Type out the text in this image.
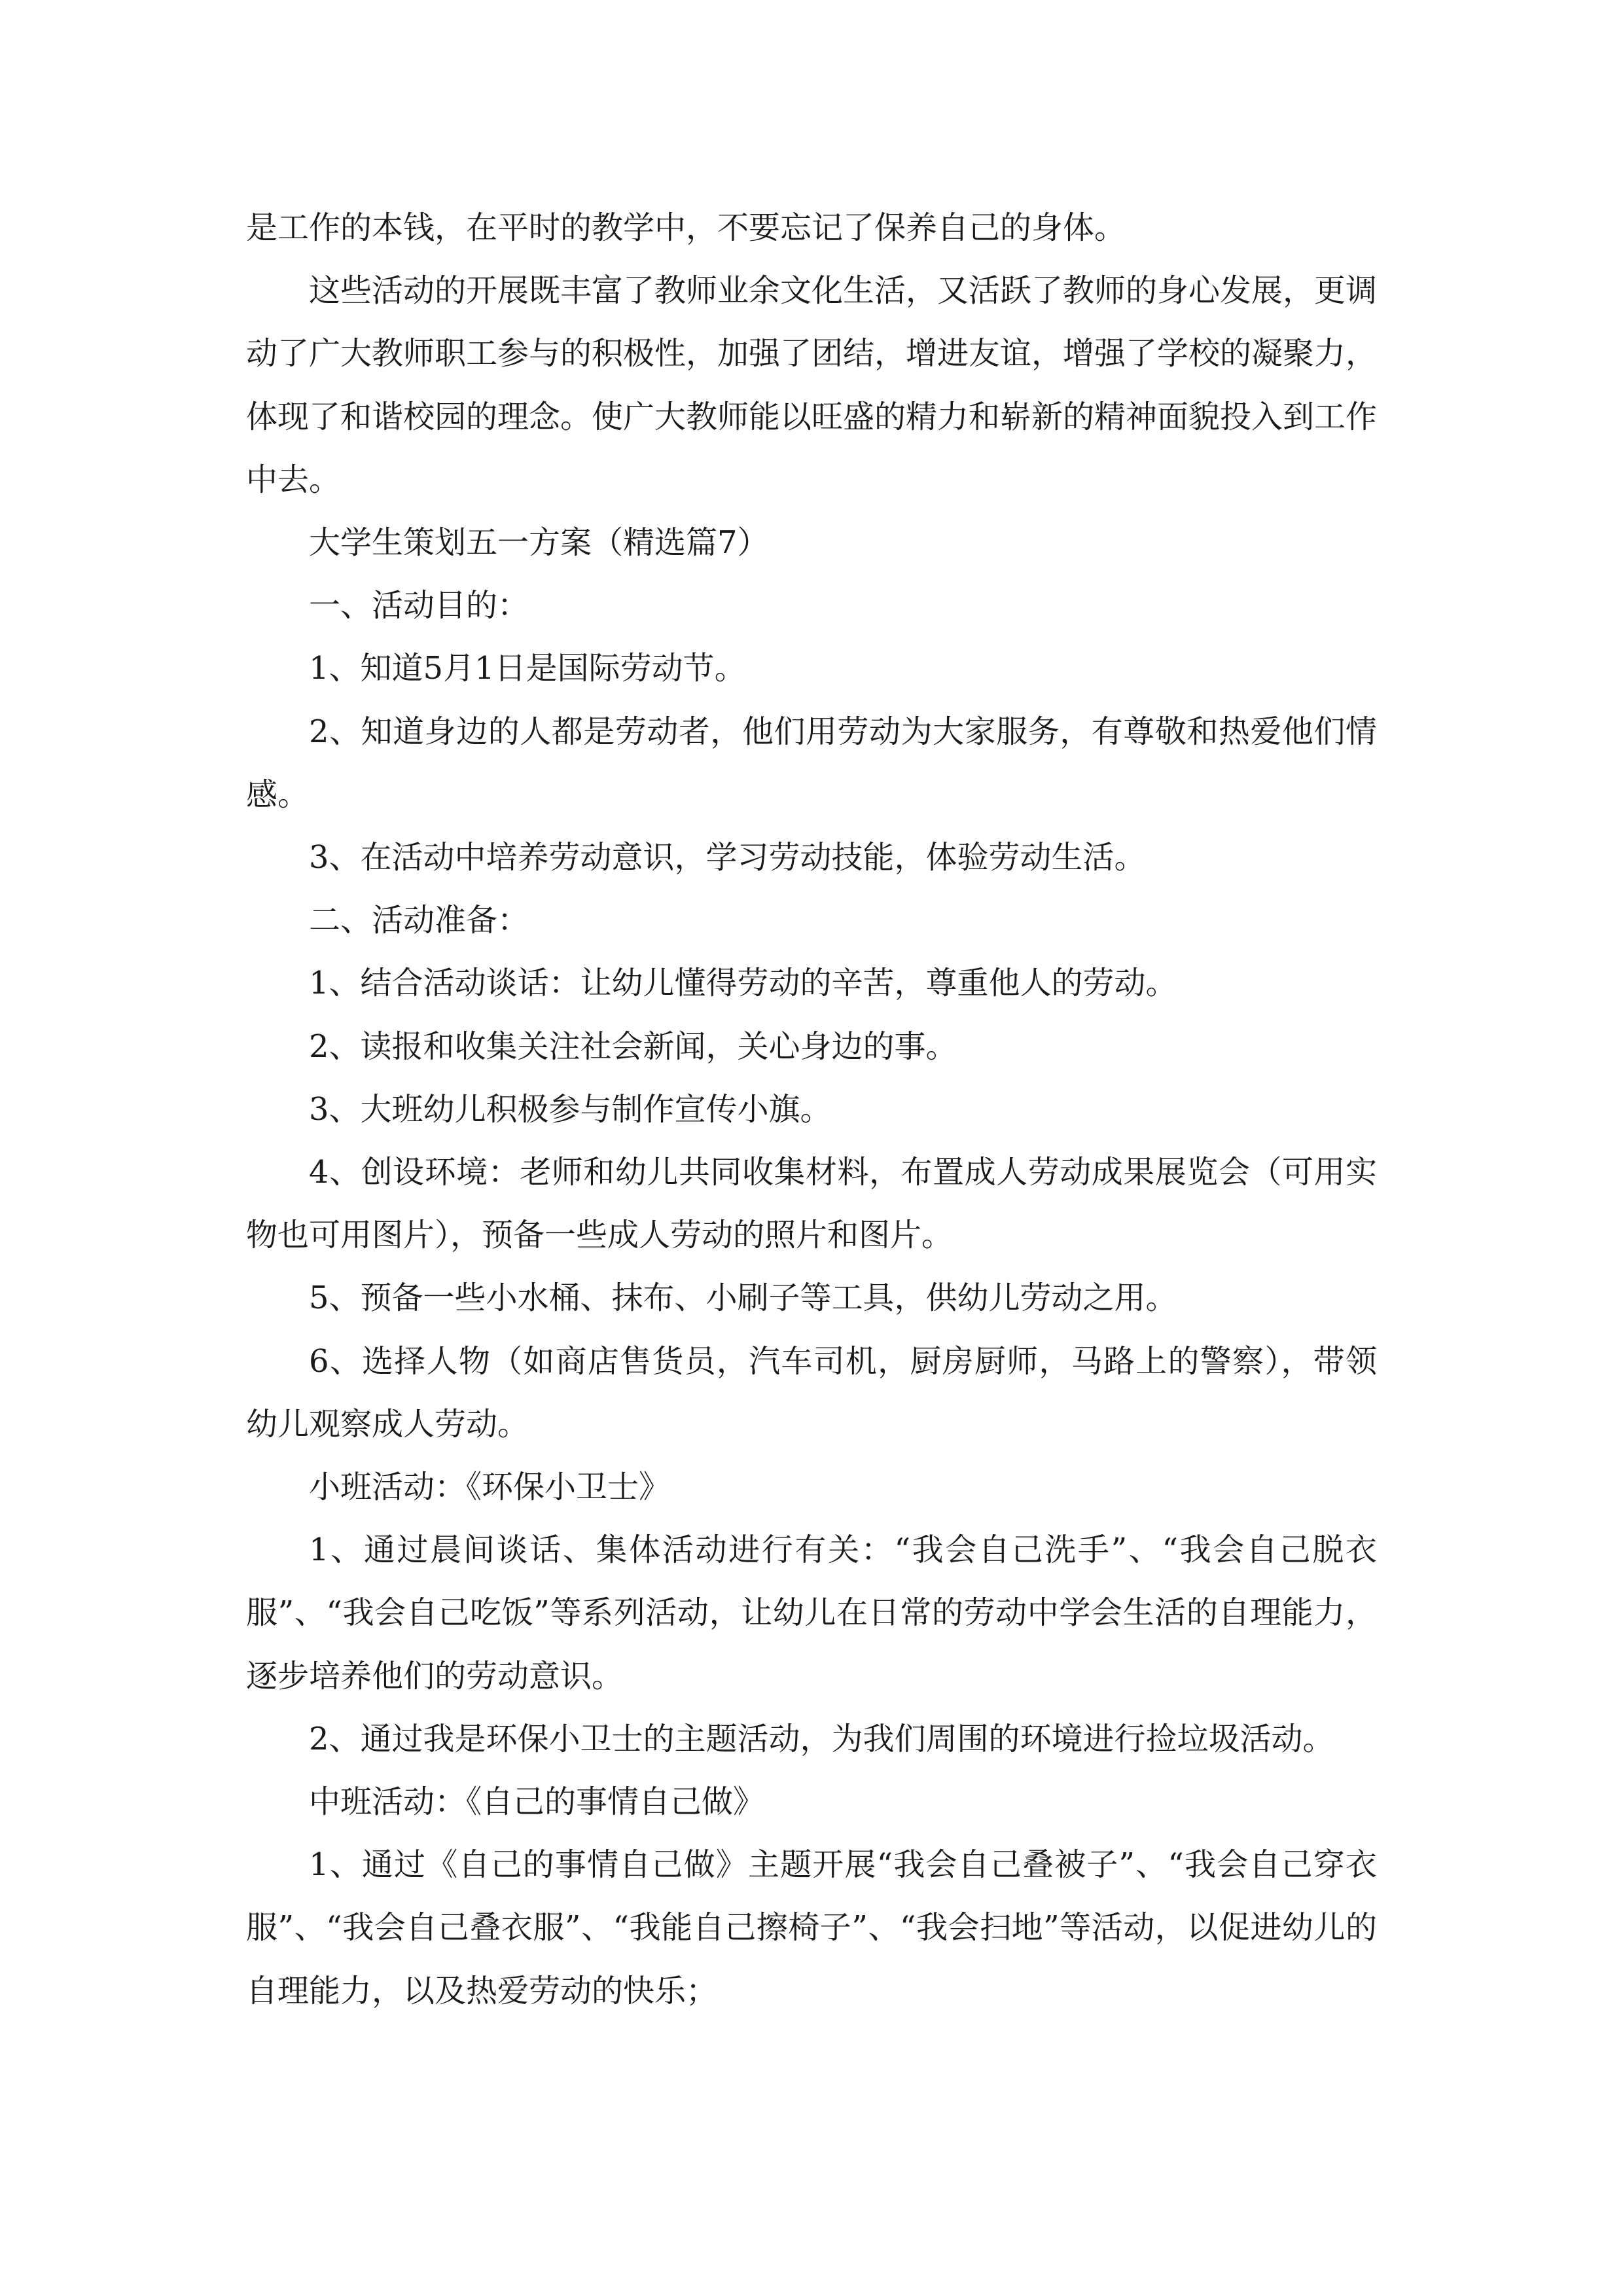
是工作的本钱，在平时的教学中，不要忘记了保养自己的身体。

这些活动的开展既丰富了教师业余文化生活，又活跃了教师的身心发展，更调动了广大教师职工参与的积极性，加强了团结，增进友谊，增强了学校的凝聚力，体现了和谐校园的理念。使广大教师能以旺盛的精力和崭新的精神面貌投入到工作中去。

大学生策划五一方案（精选篇7）

一、活动目的：

1、知道5月1日是国际劳动节。

2、知道身边的人都是劳动者，他们用劳动为大家服务，有尊敬和热爱他们情感。

3、在活动中培养劳动意识，学习劳动技能，体验劳动生活。

二、活动准备：

1、结合活动谈话：让幼儿懂得劳动的辛苦，尊重他人的劳动。

2、读报和收集关注社会新闻，关心身边的事。

3、大班幼儿积极参与制作宣传小旗。

4、创设环境：老师和幼儿共同收集材料，布置成人劳动成果展览会（可用实物也可用图片），预备一些成人劳动的照片和图片。

5、预备一些小水桶、抹布、小刷子等工具，供幼儿劳动之用。

6、选择人物（如商店售货员，汽车司机，厨房厨师，马路上的警察），带领幼儿观察成人劳动。

小班活动：《环保小卫士》

1、通过晨间谈话、集体活动进行有关：“我会自己洗手”、“我会自己脱衣服”、“我会自己吃饭”等系列活动，让幼儿在日常的劳动中学会生活的自理能力，逐步培养他们的劳动意识。

2、通过我是环保小卫士的主题活动，为我们周围的环境进行捡垃圾活动。

中班活动：《自己的事情自己做》

1、通过《自己的事情自己做》主题开展“我会自己叠被子”、“我会自己穿衣服”、“我会自己叠衣服”、“我能自己擦椅子”、“我会扫地”等活动，以促进幼儿的自理能力，以及热爱劳动的快乐；
